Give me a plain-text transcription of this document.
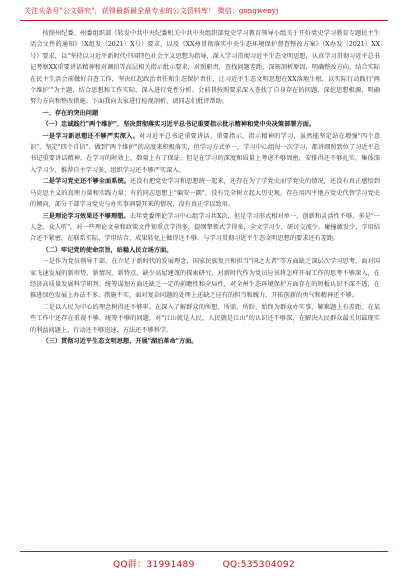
关注头条号"公文研究"，获得最新最全最专业的公文资料库！ 微信：gongwenyj

按照州纪委、州委组织部《转发中共中央纪委机关中共中央组织部党史学习教育领导小组关于开好党史学习教育专题民主生活会文件的通知》（X组发〔2021〕X号）要求，以及《XX州贯彻落实中央生态环境保护督查整改方案》（X办发〔2021〕XX号）要求，以"坚持以习近平新时代中国特色社会主义思想为指导，深入学习贯彻习近平生态文明思想，认真学习贯彻习近平总书记考察XX重要讲话精神和对调拍等高层相关指示批示要求，对照职责，查找问题差距，深刻剖析原因，明确整改方向，结合实际在民主生活会前做好自查工作，坚决扛起政治责任和生态保护责任，让习近平生态文明思想在XX落地生根，以实际行动践行'两个维护'"为主题，结合思想和工作实际，深入进行党性分析。会前我按照要求深入查找了自身存在的问题，深挖思想根源，明确努力方向和整改措施。下面我向大家进行检视剖析，请同志们批评帮助。

一、存在的突出问题

（一）忠诚践行"两个维护"，坚决贯彻落实习近平总书记重要指示批示精神和党中央决策部署方面。

一是学习新思想还不够严实深入。对习近平总书记重要讲话、重要指示、指示精神的学习，虽然能坚定站在增强"四个意识"、坚定"四个自信"、做到"两个维护"的高度来积极落实，但学习方式单一，学习中心组每一次学习，都讲细照到位了习近平总书记重要讲话精神。在学习的时效上，数量上有了保证，但是在学习的深度和质量上考虑不够周密，安排得还不够扎实，集体深入学习少，推荐自主学习多，组织学习还不够严实深入。

二是学习党史还不够全面系统。还没有把党史学习和思想统一起来，还存在为了学党史而学党史的情况，还没有真正感悟到马克思主义的真理力量和实践力量；有的同志思想上"偏安一隅"，没有完全树立起大历史观，存在用四平地方党史代替学习党史的倾向，部分干部学习党史与办实事割裂开来的情况，没有真正学以致用。

三是理论学习效果还不够理想。去年党委理论学习中心组学习共X次，但是学习形式相对单一，创新和灵活性不够，多是"一人念、众人听"，对一些理论文章和政策文件划重点学得多，提纲挈领式学得多，全文学习少，研讨交流少，碰撞激发少，学用结合还不紧密，在联系实际、学用结合、成果转化上做得还不够，与学习贯彻习近平生态文明思想的要求还有差距。

（二）牢记党的使命宗旨，站稳人民立场方面。

一是作为党员领导干部，在立足于新时代的发展理念，国家民族复兴和担当"国之大者"等方面缺乏深层次学习思考，面对国家飞速发展的新形势、新情况、新特点，缺少高屋建瓴的探索研究，对新时代作为党员应该将怎样开展工作的思考不够深入，在经济高质量发展科学研判、统筹谋划方面还缺乏一定的前瞻性和全局性，对全州生态环境保护方面存在的短板认识不深不透，在推进绿色发展上办法不多、措施不实，面对复杂问题的处理上还缺乏应有的担当和魄力，开拓创新的勇气和精神还不够。

二是以人民为中心的理念树得还不够牢。在深入了解群众的所想、所需、所盼，始终为群众办实事、解难题上有差距。在某些工作中还存在重视不够、统筹不够的问题，对"江山就是人民、人民就是江山"的认识还不够深，在解决人民群众最关切最现实的利益问题上，行动还不够迅速、方法还不够科学。

（三）贯彻习近平生态文明思想，开展"湖泊革命"方面。

QQ群：31991489	QQ:535304092
